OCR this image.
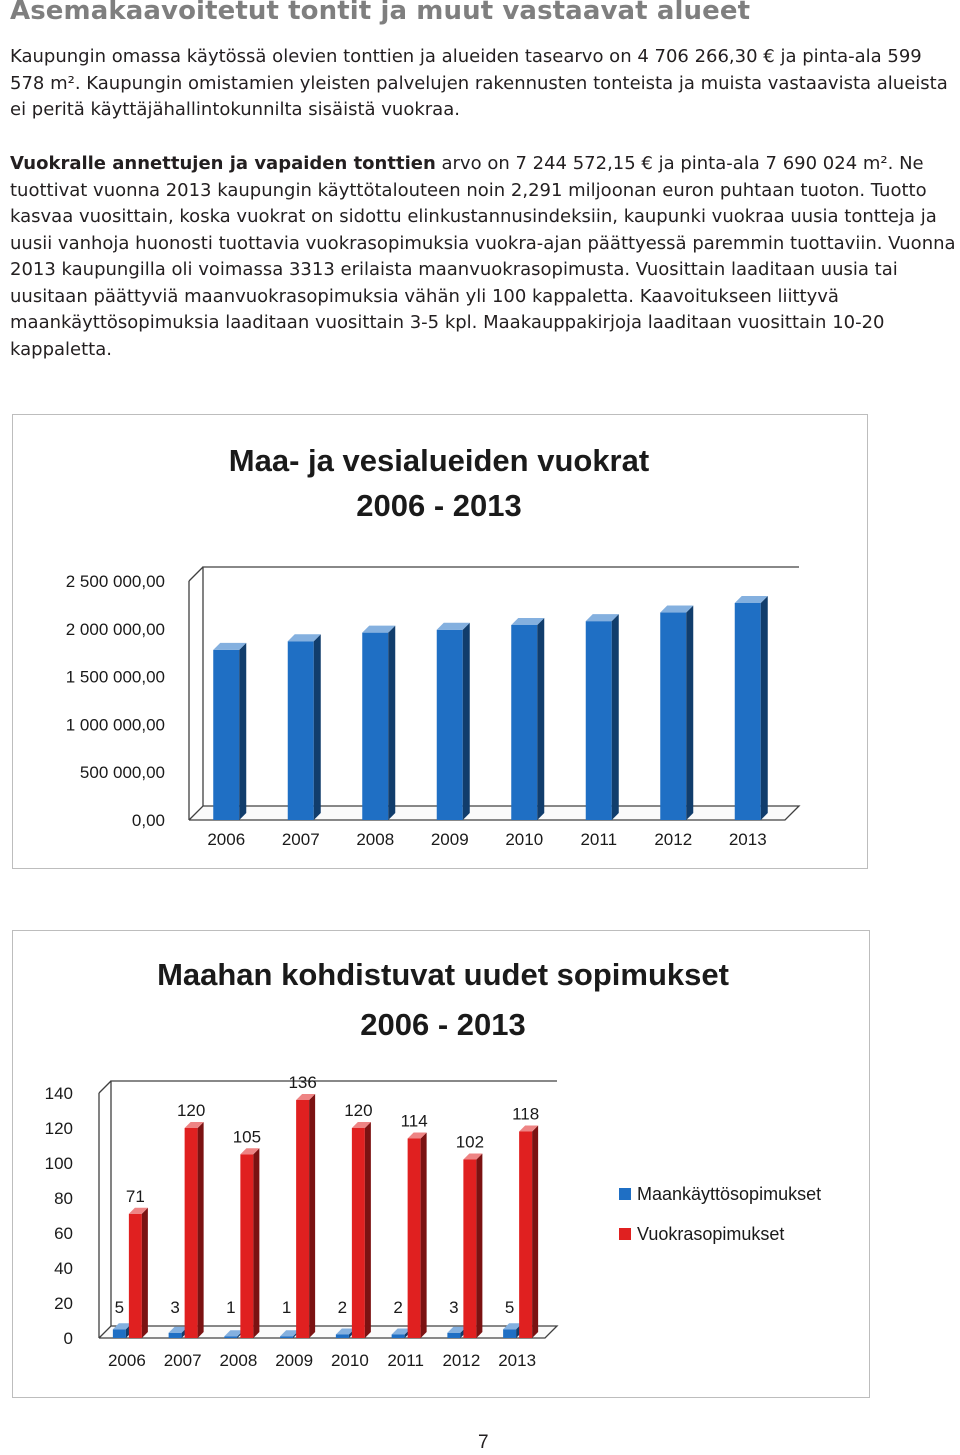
Asemakaavoitetut tontit ja muut vastaavat alueet
Kaupungin omassa käytössä olevien tonttien ja alueiden tasearvo on 4 706 266,30 € ja pinta-ala 599 578 m². Kaupungin omistamien yleisten palvelujen rakennusten tonteista ja muista vastaavista alueista ei peritä käyttäjähallintokunnilta sisäistä vuokraa.
Vuokralle annettujen ja vapaiden tonttien arvo on 7 244 572,15 € ja pinta-ala 7 690 024 m². Ne tuottivat vuonna 2013 kaupungin käyttötalouteen noin 2,291 miljoonan euron puhtaan tuoton. Tuotto kasvaa vuosittain, koska vuokrat on sidottu elinkustannusindeksiin, kaupunki vuokraa uusia tontteja ja uusii vanhoja huonosti tuottavia vuokrasopimuksia vuokra-ajan päättyessä paremmin tuottaviin. Vuonna 2013 kaupungilla oli voimassa 3313 erilaista maanvuokrasopimusta. Vuosittain laaditaan uusia tai uusitaan päättyviä maanvuokrasopimuksia vähän yli 100 kappaletta. Kaavoitukseen liittyvä maankäyttösopimuksia laaditaan vuosittain 3-5 kpl. Maakauppakirjoja laaditaan vuosittain 10-20 kappaletta.
Maa- ja vesialueiden vuokrat
2006 - 2013
0,00
500 000,00
1 000 000,00
1 500 000,00
2 000 000,00
2 500 000,00
2006 2007 2008 2009 2010 2011 2012 2013
Maahan kohdistuvat uudet sopimukset
2006 - 2013
0
20
40
60
80
100
120
140
5
71
2006
3
120
2007
1
105
2008
1
136
2009
2
120
2010
2
114
2011
3
102
2012
5
118
2013
Maankäyttösopimukset
Vuokrasopimukset
7
